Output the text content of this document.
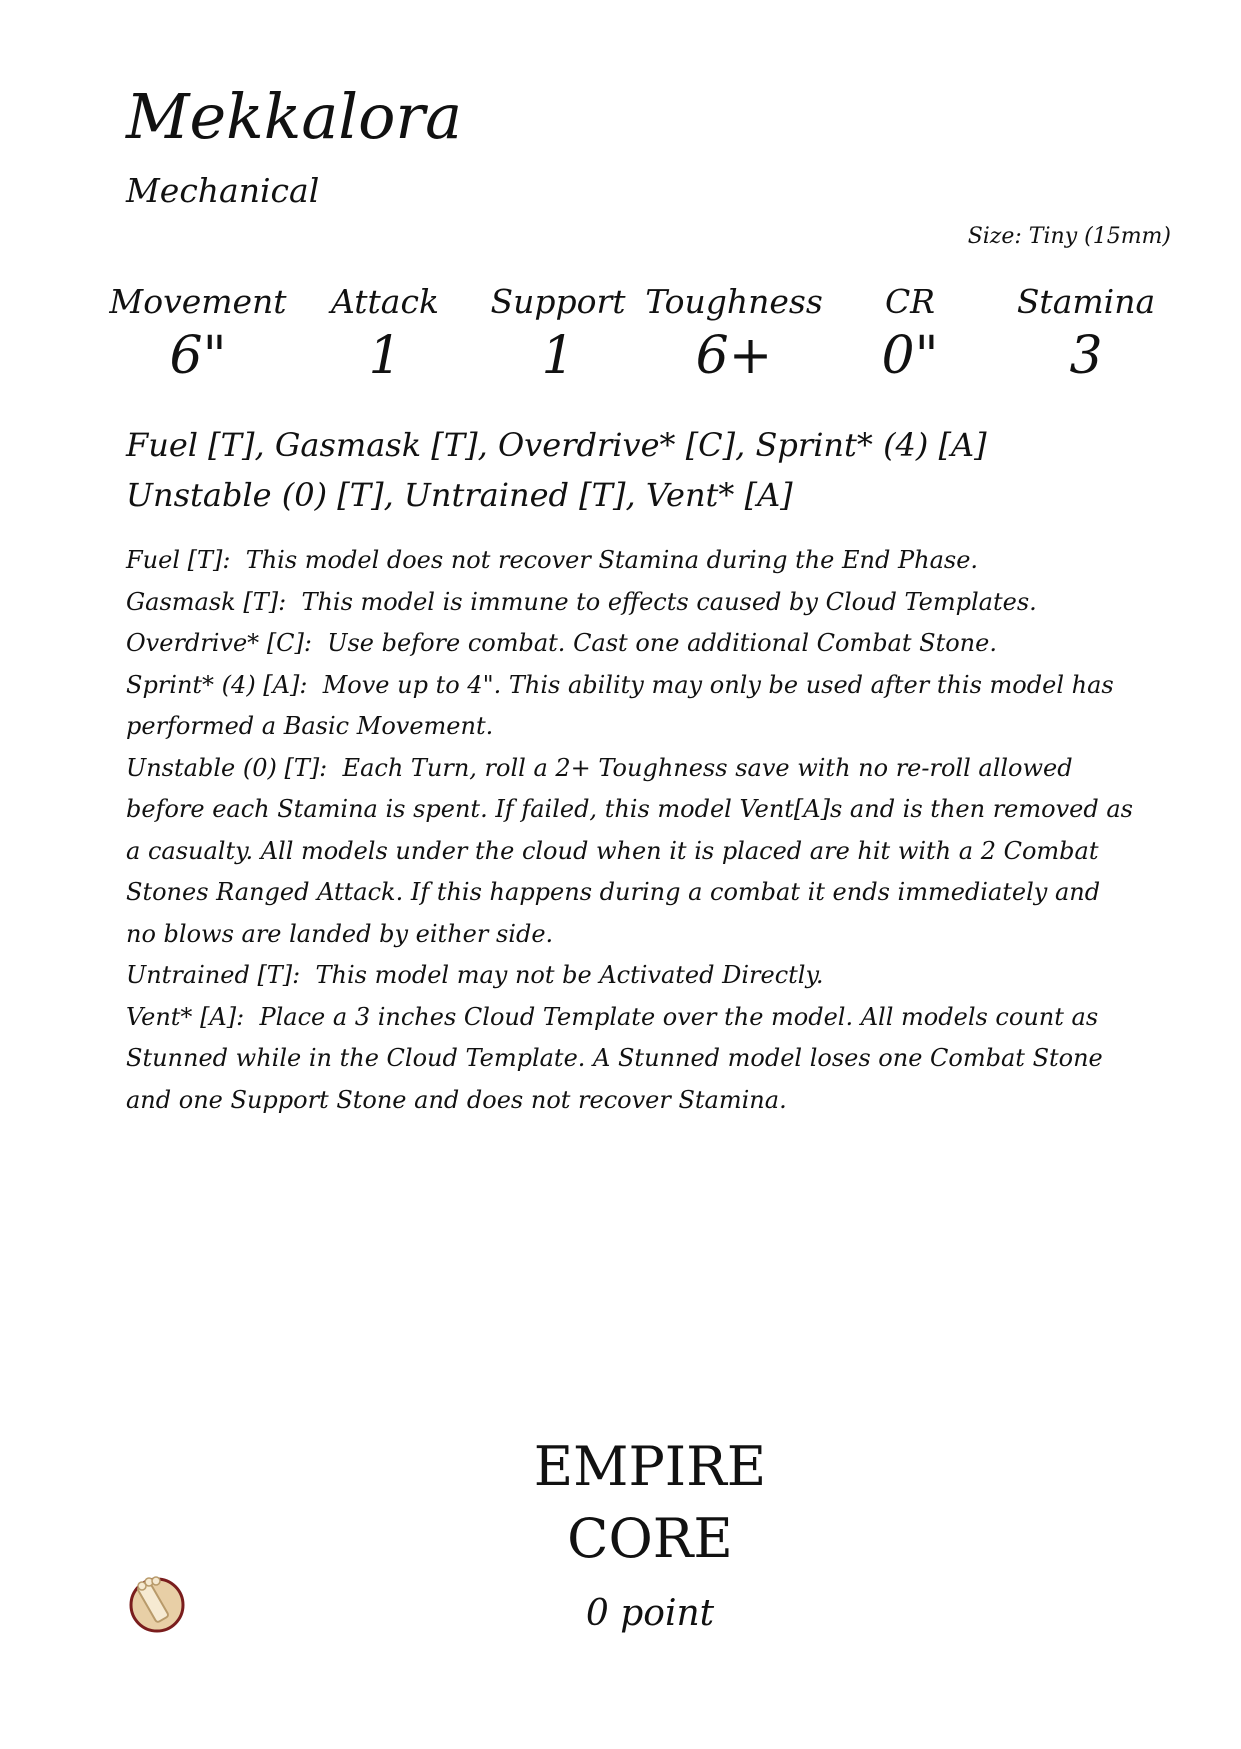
Mekkalora
Mechanical
Size: Tiny (15mm)
Movement
6"
Attack
1
Support
1
Toughness
6+
CR
0"
Stamina
3
Fuel [T], Gasmask [T], Overdrive* [C], Sprint* (4) [A]
Unstable (0) [T], Untrained [T], Vent* [A]

Fuel [T]: This model does not recover Stamina during the End Phase.

Gasmask [T]: This model is immune to effects caused by Cloud Templates.

Overdrive* [C]: Use before combat. Cast one additional Combat Stone.

Sprint* (4) [A]: Move up to 4". This ability may only be used after this model has performed a Basic Movement.

Unstable (0) [T]: Each Turn, roll a 2+ Toughness save with no re-roll allowed before each Stamina is spent. If failed, this model Vent[A]s and is then removed as a casualty. All models under the cloud when it is placed are hit with a 2 Combat Stones Ranged Attack. If this happens during a combat it ends immediately and no blows are landed by either side.

Untrained [T]: This model may not be Activated Directly.

Vent* [A]: Place a 3 inches Cloud Template over the model. All models count as Stunned while in the Cloud Template. A Stunned model loses one Combat Stone and one Support Stone and does not recover Stamina.

EMPIRE
CORE
0 point
